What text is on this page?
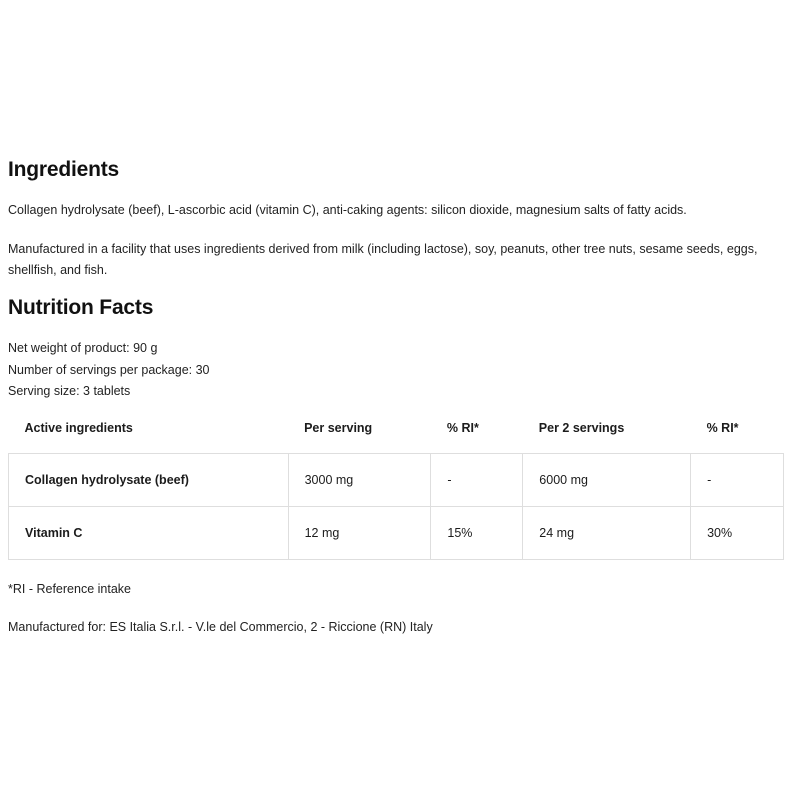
Ingredients

Collagen hydrolysate (beef), L-ascorbic acid (vitamin C), anti-caking agents: silicon dioxide, magnesium salts of fatty acids.

Manufactured in a facility that uses ingredients derived from milk (including lactose), soy, peanuts, other tree nuts, sesame seeds, eggs, shellfish, and fish.

Nutrition Facts

Net weight of product: 90 g

Number of servings per package: 30

Serving size: 3 tablets

Active ingredients	Per serving	% RI*	Per 2 servings	% RI*
Collagen hydrolysate (beef)	3000 mg	-	6000 mg	-
Vitamin C	12 mg	15%	24 mg	30%

*RI - Reference intake

Manufactured for: ES Italia S.r.l. - V.le del Commercio, 2 - Riccione (RN) Italy
